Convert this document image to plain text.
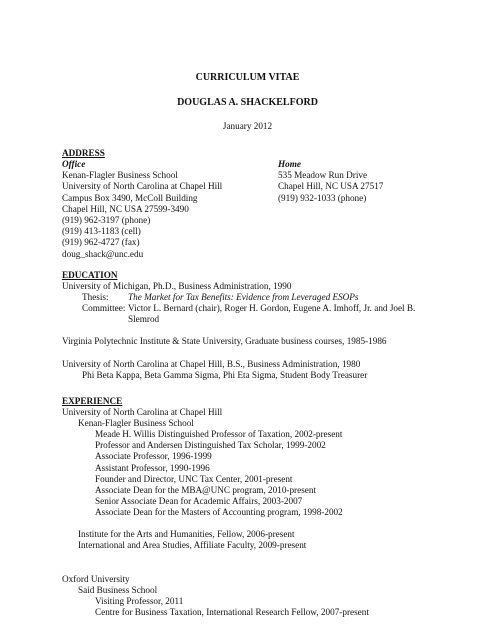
CURRICULUM VITAE
DOUGLAS A. SHACKELFORD
January 2012
ADDRESS
Office
Kenan-Flagler Business School
University of North Carolina at Chapel Hill
Campus Box 3490, McColl Building
Chapel Hill, NC USA 27599-3490
(919) 962-3197 (phone)
(919) 413-1183 (cell)
(919) 962-4727 (fax)
doug_shack@unc.edu
Home
535 Meadow Run Drive
Chapel Hill, NC USA 27517
(919) 932-1033 (phone)
EDUCATION
University of Michigan, Ph.D., Business Administration, 1990
Thesis: The Market for Tax Benefits: Evidence from Leveraged ESOPs
Committee: Victor L. Bernard (chair), Roger H. Gordon, Eugene A. Imhoff, Jr. and Joel B.
Slemrod
Virginia Polytechnic Institute & State University, Graduate business courses, 1985-1986
University of North Carolina at Chapel Hill, B.S., Business Administration, 1980
Phi Beta Kappa, Beta Gamma Sigma, Phi Eta Sigma, Student Body Treasurer
EXPERIENCE
University of North Carolina at Chapel Hill
Kenan-Flagler Business School
Meade H. Willis Distinguished Professor of Taxation, 2002-present
Professor and Andersen Distinguished Tax Scholar, 1999-2002
Associate Professor, 1996-1999
Assistant Professor, 1990-1996
Founder and Director, UNC Tax Center, 2001-present
Associate Dean for the MBA@UNC program, 2010-present
Senior Associate Dean for Academic Affairs, 2003-2007
Associate Dean for the Masters of Accounting program, 1998-2002
Institute for the Arts and Humanities, Fellow, 2006-present
International and Area Studies, Affiliate Faculty, 2009-present
Oxford University
Said Business School
Visiting Professor, 2011
Centre for Business Taxation, International Research Fellow, 2007-present
